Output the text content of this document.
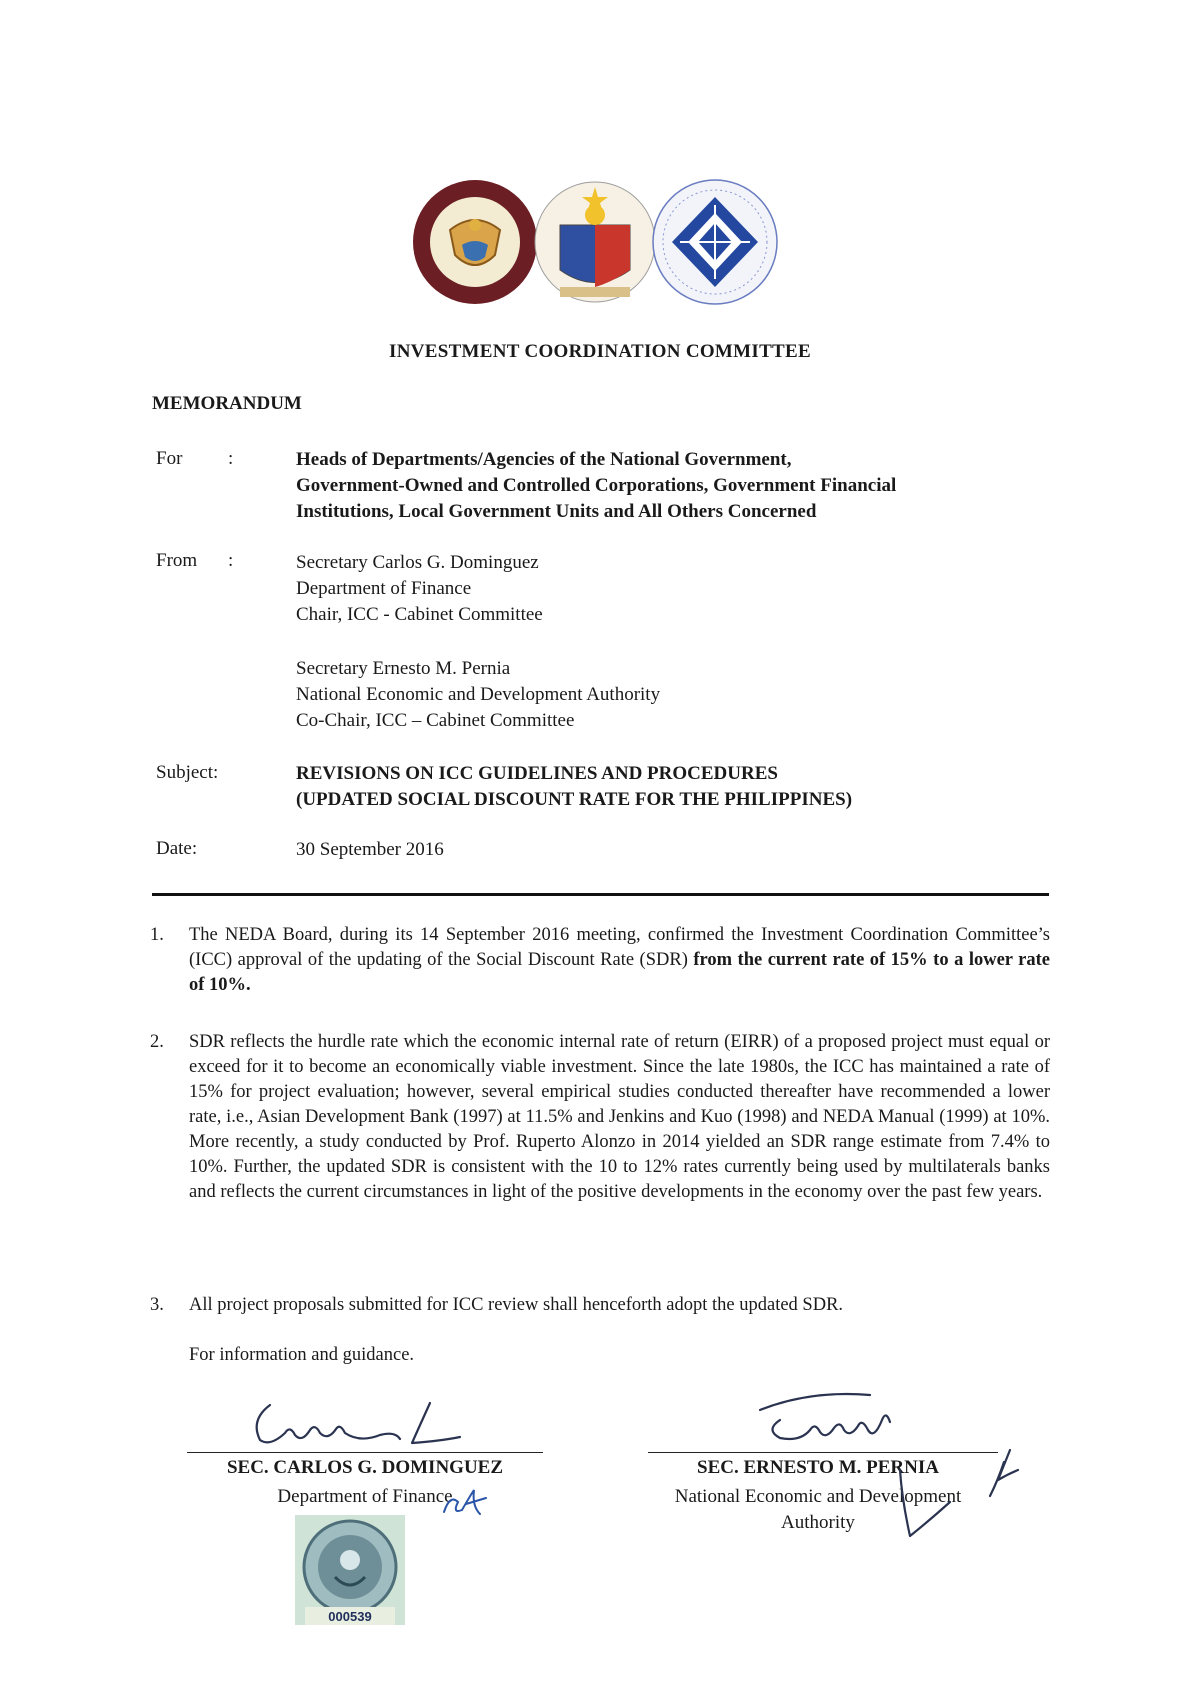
INVESTMENT COORDINATION COMMITTEE
MEMORANDUM
For :	Heads of Departments/Agencies of the National Government,
Government-Owned and Controlled Corporations, Government Financial
Institutions, Local Government Units and All Others Concerned
From :	Secretary Carlos G. Dominguez
Department of Finance
Chair, ICC - Cabinet Committee
Secretary Ernesto M. Pernia
National Economic and Development Authority
Co-Chair, ICC – Cabinet Committee
Subject:	REVISIONS ON ICC GUIDELINES AND PROCEDURES
(UPDATED SOCIAL DISCOUNT RATE FOR THE PHILIPPINES)
Date:	30 September 2016
1. The NEDA Board, during its 14 September 2016 meeting, confirmed the Investment Coordination Committee’s (ICC) approval of the updating of the Social Discount Rate (SDR) from the current rate of 15% to a lower rate of 10%.
2. SDR reflects the hurdle rate which the economic internal rate of return (EIRR) of a proposed project must equal or exceed for it to become an economically viable investment. Since the late 1980s, the ICC has maintained a rate of 15% for project evaluation; however, several empirical studies conducted thereafter have recommended a lower rate, i.e., Asian Development Bank (1997) at 11.5% and Jenkins and Kuo (1998) and NEDA Manual (1999) at 10%. More recently, a study conducted by Prof. Ruperto Alonzo in 2014 yielded an SDR range estimate from 7.4% to 10%. Further, the updated SDR is consistent with the 10 to 12% rates currently being used by multilaterals banks and reflects the current circumstances in light of the positive developments in the economy over the past few years.
3. All project proposals submitted for ICC review shall henceforth adopt the updated SDR.
For information and guidance.
SEC. CARLOS G. DOMINGUEZ
Department of Finance
000539
SEC. ERNESTO M. PERNIA
National Economic and Development
Authority
